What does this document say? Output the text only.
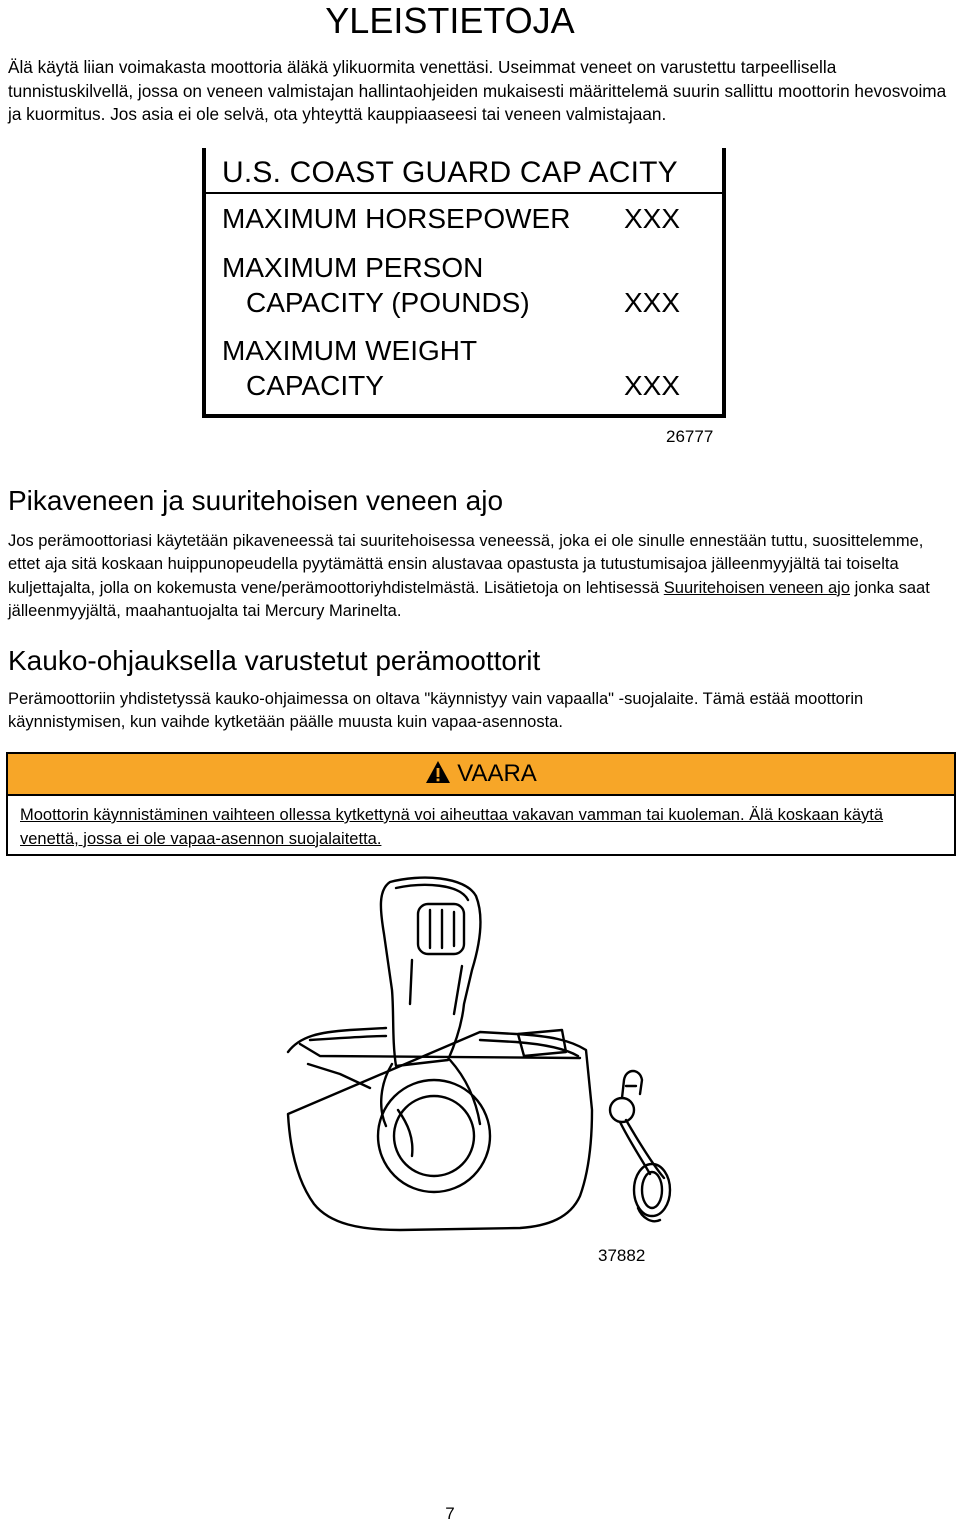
YLEISTIETOJA
Älä käytä liian voimakasta moottoria äläkä ylikuormita venettäsi. Useimmat veneet on varustettu tarpeellisella tunnistuskilvellä, jossa on veneen valmistajan hallintaohjeiden mukaisesti määrittelemä suurin sallittu moottorin hevosvoima ja kuormitus. Jos asia ei ole selvä, ota yhteyttä kauppiaaseesi tai veneen valmistajaan.
U.S. COAST GUARD CAP ACITY
MAXIMUM HORSEPOWER XXX
MAXIMUM PERSON
CAPACITY (POUNDS)	XXX
MAXIMUM WEIGHT
CAPACITY	XXX
26777
Pikaveneen ja suuritehoisen veneen ajo
Jos perämoottoriasi käytetään pikaveneessä tai suuritehoisessa veneessä, joka ei ole sinulle ennestään tuttu, suosittelemme, ettet aja sitä koskaan huippunopeudella pyytämättä ensin alustavaa opastusta ja tutustumisajoa jälleenmyyjältä tai toiselta kuljettajalta, jolla on kokemusta vene/perämoottoriyhdistelmästä. Lisätietoja on lehtisessä Suuritehoisen veneen ajo jonka saat jälleenmyyjältä, maahantuojalta tai Mercury Marinelta.
Kauko-ohjauksella varustetut perämoottorit
Perämoottoriin yhdistetyssä kauko-ohjaimessa on oltava "käynnistyy vain vapaalla" -suojalaite. Tämä estää moottorin käynnistymisen, kun vaihde kytketään päälle muusta kuin vapaa-asennosta.
VAARA
Moottorin käynnistäminen vaihteen ollessa kytkettynä voi aiheuttaa vakavan vamman tai kuoleman. Älä koskaan käytä venettä, jossa ei ole vapaa-asennon suojalaitetta.
37882
7
